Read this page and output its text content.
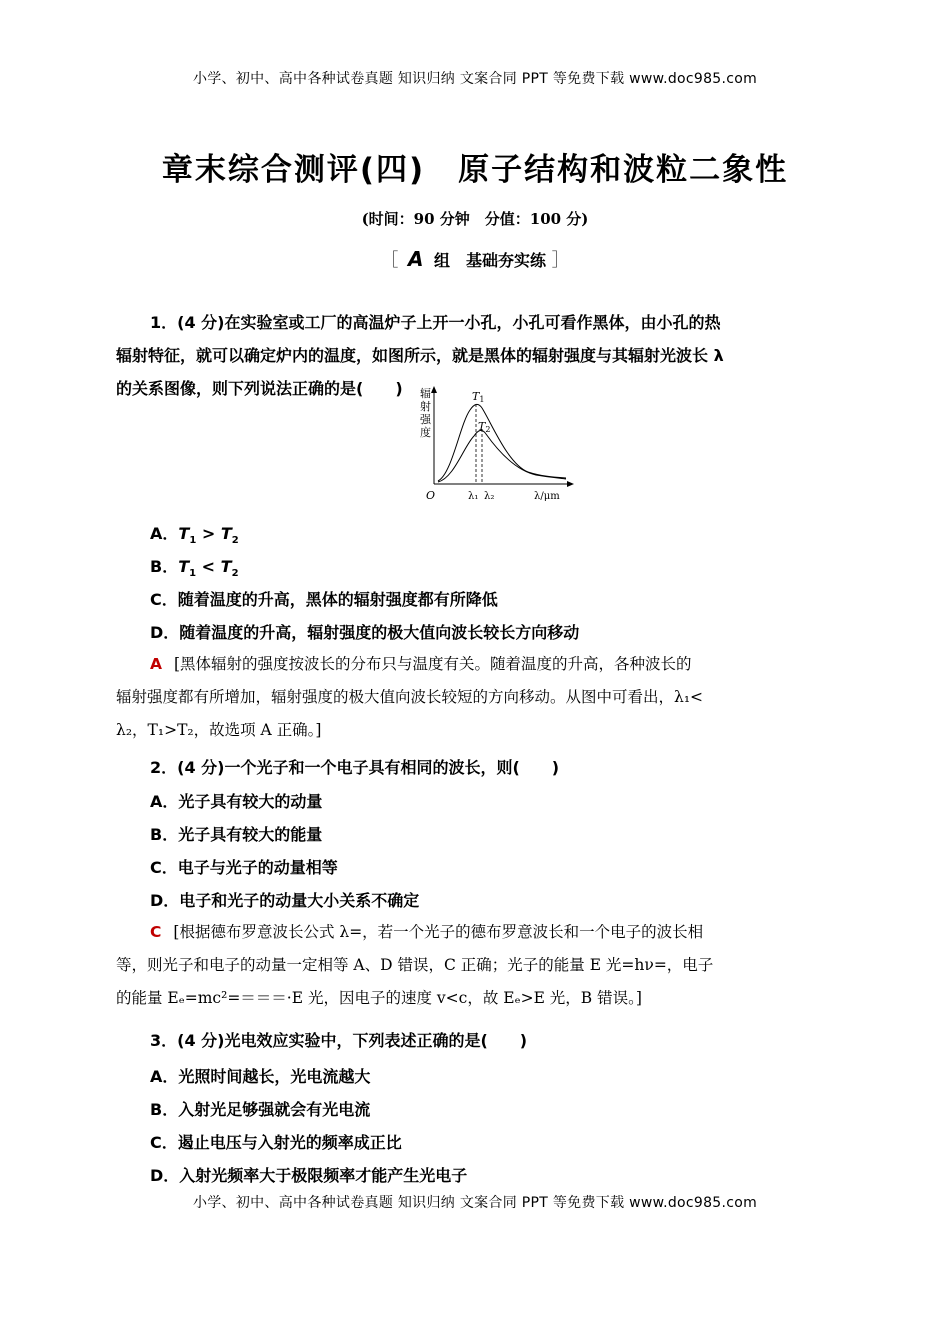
小学、初中、高中各种试卷真题 知识归纳 文案合同 PPT 等免费下载 www.doc985.com
章末综合测评(四)　原子结构和波粒二象性
(时间：90 分钟　分值：100 分)
［ A 组　基础夯实练 ］
1．(4 分)在实验室或工厂的高温炉子上开一小孔，小孔可看作黑体，由小孔的热
辐射特征，就可以确定炉内的温度，如图所示，就是黑体的辐射强度与其辐射光波长 λ
的关系图像，则下列说法正确的是(　　)	辐
射
强
度
T1
T2
O	λ₁ λ₂	λ/μm
A．$T_1 > T_2$
B．$T_1 < T_2$
C．随着温度的升高，黑体的辐射强度都有所降低
D．随着温度的升高，辐射强度的极大值向波长较长方向移动
A [黑体辐射的强度按波长的分布只与温度有关。随着温度的升高，各种波长的
辐射强度都有所增加，辐射强度的极大值向波长较短的方向移动。从图中可看出，λ₁<
λ₂，T₁>T₂，故选项 A 正确。]
2．(4 分)一个光子和一个电子具有相同的波长，则(　　)
A．光子具有较大的动量
B．光子具有较大的能量
C．电子与光子的动量相等
D．电子和光子的动量大小关系不确定
C [根据德布罗意波长公式 λ=，若一个光子的德布罗意波长和一个电子的波长相
等，则光子和电子的动量一定相等 A、D 错误，C 正确；光子的能量 E 光=hν=，电子
的能量 Eₑ=mc²=＝＝＝·E 光，因电子的速度 v<c，故 Eₑ>E 光，B 错误。]
3．(4 分)光电效应实验中，下列表述正确的是(　　)
A．光照时间越长，光电流越大
B．入射光足够强就会有光电流
C．遏止电压与入射光的频率成正比
D．入射光频率大于极限频率才能产生光电子
小学、初中、高中各种试卷真题 知识归纳 文案合同 PPT 等免费下载 www.doc985.com
